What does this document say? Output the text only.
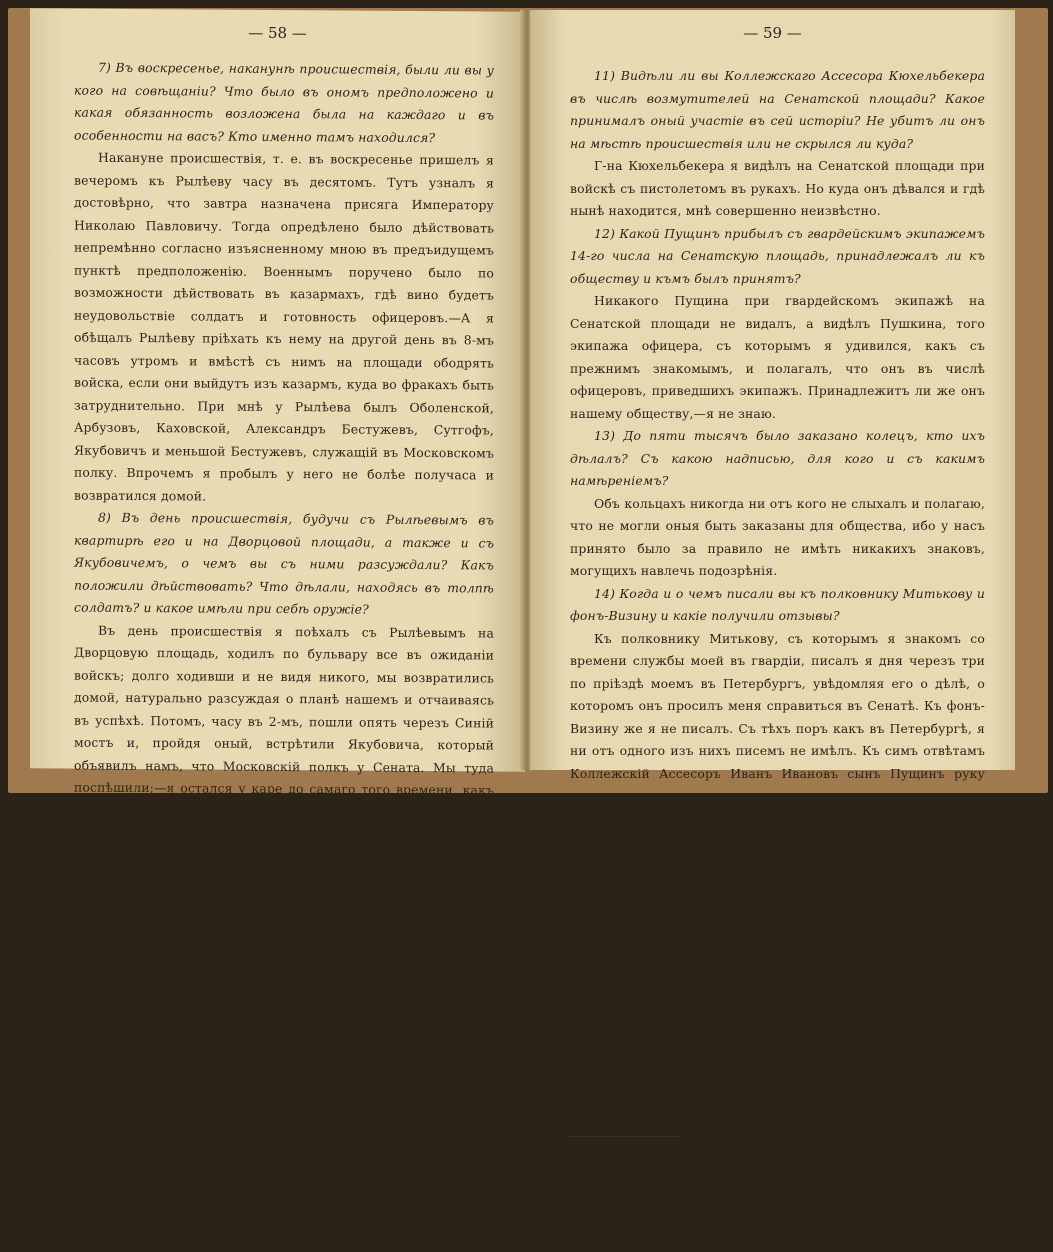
— 58 —

7) Въ воскресенье, наканунѣ происшествія, были ли вы у кого на совѣщаніи? Что было въ ономъ предположено и какая обязанность возложена была на каждаго и въ особенности на васъ? Кто именно тамъ находился?

Накануне происшествія, т. е. въ воскресенье пришелъ я вечеромъ къ Рылѣеву часу въ десятомъ. Тутъ узналъ я достовѣрно, что завтра назначена присяга Императору Николаю Павловичу. Тогда опредѣлено было дѣйствовать непремѣнно согласно изъясненному мною въ предъидущемъ пунктѣ предположенію. Военнымъ поручено было по возможности дѣйствовать въ казармахъ, гдѣ вино будетъ неудовольствіе солдатъ и готовность офицеровъ.—А я обѣщалъ Рылѣеву пріѣхать къ нему на другой день въ 8-мъ часовъ утромъ и вмѣстѣ съ нимъ на площади ободрять войска, если они выйдутъ изъ казармъ, куда во фракахъ быть затруднительно. При мнѣ у Рылѣева былъ Оболенской, Арбузовъ, Каховской, Александръ Бестужевъ, Сутгофъ, Якубовичъ и меньшой Бестужевъ, служащій въ Московскомъ полку. Впрочемъ я пробылъ у него не болѣе получаса и возвратился домой.

8) Въ день происшествія, будучи съ Рылѣевымъ въ квартирѣ его и на Дворцовой площади, а также и съ Якубовичемъ, о чемъ вы съ ними разсуждали? Какъ положили дѣйствовать? Что дѣлали, находясь въ толпѣ солдатъ? и какое имѣли при себѣ оружіе?

Въ день происшествія я поѣхалъ съ Рылѣевымъ на Дворцовую площадь, ходилъ по бульвару все въ ожиданіи войскъ; долго ходивши и не видя никого, мы возвратились домой, натурально разсуждая о планѣ нашемъ и отчаиваясь въ успѣхѣ. Потомъ, часу въ 2-мъ, пошли опять черезъ Синій мостъ и, пройдя оный, встрѣтили Якубовича, который объявилъ намъ, что Московскій полкъ у Сената. Мы туда поспѣшили;—я остался у каре до самаго того времени, какъ все войско отъ картечныхъ выстрѣловъ разбѣжалось. Занимался тѣмъ, что ходилъ по фасамъ и разговаривалъ съ солдатами въ ожиданіи другихъ полковъ. Оружія при мнѣ никакого не было. Куда Рылѣевъ отъ меня ушелъ,—я не знаю.

9) Вамъ должно быть извѣстно, кто ранилъ графа Милорадовича, объясните сіе?

Мнѣ совершенно неизвѣстно, кто ранилъ графа Милорадовича; потому что, когда онъ подъѣхалъ къ правому фасу каре и началъ уговаривать солдатъ, то я пошелъ впередъ наблюдать за войсками, стоявшими противъ насъ у Адмиралтейства и, возвращаясь назадъ, видѣлъ, что онъ скачетъ отъ фронта безъ шляпы,—окруженный толпою народа. При семъ отъ шума я никакого выстрѣла не слыхалъ.

10) Между стоявшими въ рядахъ возмутителей кто были два генерала: одинъ военный, а другой статскій? Первый изъ нихъ былъ съ черным султаномъ и желтымъ портфелемъ и раздавалъ деньги солдатамъ.

Между народа я видѣлъ только одно замѣтное лицо, которое нынѣ оказалось Г-нъ Горской. Военнаго генерала никакого не видалъ.

— 59 —

11) Видѣли ли вы Коллежскаго Ассесора Кюхельбекера въ числѣ возмутителей на Сенатской площади? Какое принималъ оный участіе въ сей исторіи? Не убитъ ли онъ на мѣстѣ происшествія или не скрылся ли куда?

Г-на Кюхельбекера я видѣлъ на Сенатской площади при войскѣ съ пистолетомъ въ рукахъ. Но куда онъ дѣвался и гдѣ нынѣ находится, мнѣ совершенно неизвѣстно.

12) Какой Пущинъ прибылъ съ гвардейскимъ экипажемъ 14-го числа на Сенатскую площадь, принадлежалъ ли къ обществу и къмъ былъ принятъ?

Никакого Пущина при гвардейскомъ экипажѣ на Сенатской площади не видалъ, а видѣлъ Пушкина, тогo экипажа офицера, съ которымъ я удивился, какъ съ прежнимъ знакомымъ, и полагалъ, что онъ въ числѣ офицеровъ, приведшихъ экипажъ. Принадлежитъ ли же онъ нашему обществу,—я не знаю.

13) До пяти тысячъ было заказано колецъ, кто ихъ дѣлалъ? Съ какою надписью, для кого и съ какимъ намѣреніемъ?

Объ кольцахъ никогда ни отъ кого не слыхалъ и полагаю, что не могли оныя быть заказаны для общества, ибо у насъ принято было за правило не имѣть никакихъ знаковъ, могущихъ навлечь подозрѣнія.

14) Когда и о чемъ писали вы къ полковнику Митькову и фонъ-Визину и какіе получили отзывы?

Къ полковнику Митькову, съ которымъ я знакомъ со времени службы моей въ гвардіи, писалъ я дня черезъ три по пріѣздѣ моемъ въ Петербургъ, увѣдомляя его о дѣлѣ, о которомъ онъ просилъ меня справиться въ Сенатѣ. Къ фонъ-Визину же я не писалъ. Съ тѣхъ поръ какъ въ Петербургѣ, я ни отъ одного изъ нихъ писемъ не имѣлъ. Къ симъ отвѣтамъ Коллежскій Ассесоръ Иванъ Ивановъ сынъ Пущинъ руку приложилъ.

Генералъ-Адъютантъ Чернышевъ.

11 января 1826 года Высочайше учрежденный Тайный Комитетъ положилъ: истребовать чрезъ сіе отъ Г. Коллежскаго Ассесора Пущина дополнительное показаніе о нижеслѣдующемъ:

Комитетъ имѣетъ на васъ опредѣлительное показаніе, что вы въ Москвѣ завели Думу и Управу Тайнаго Общества, а въ предъидущихъ отвѣтахъ вашихъ вы въ томъ не сознались. Комитетъ требуетъ, чтобы вы теперь со всевозможною откровенностью и подробно объяснили: когда вы завели сказанныя: думу и управу въ Москвѣ? и кто именно были членами и той и другой? ¹)

Генералъ-Адъютантъ Чернышевъ.

¹) На подлинной бумагѣ сбоку сдѣлана помѣта: «спросить подробно о союзѣ».
